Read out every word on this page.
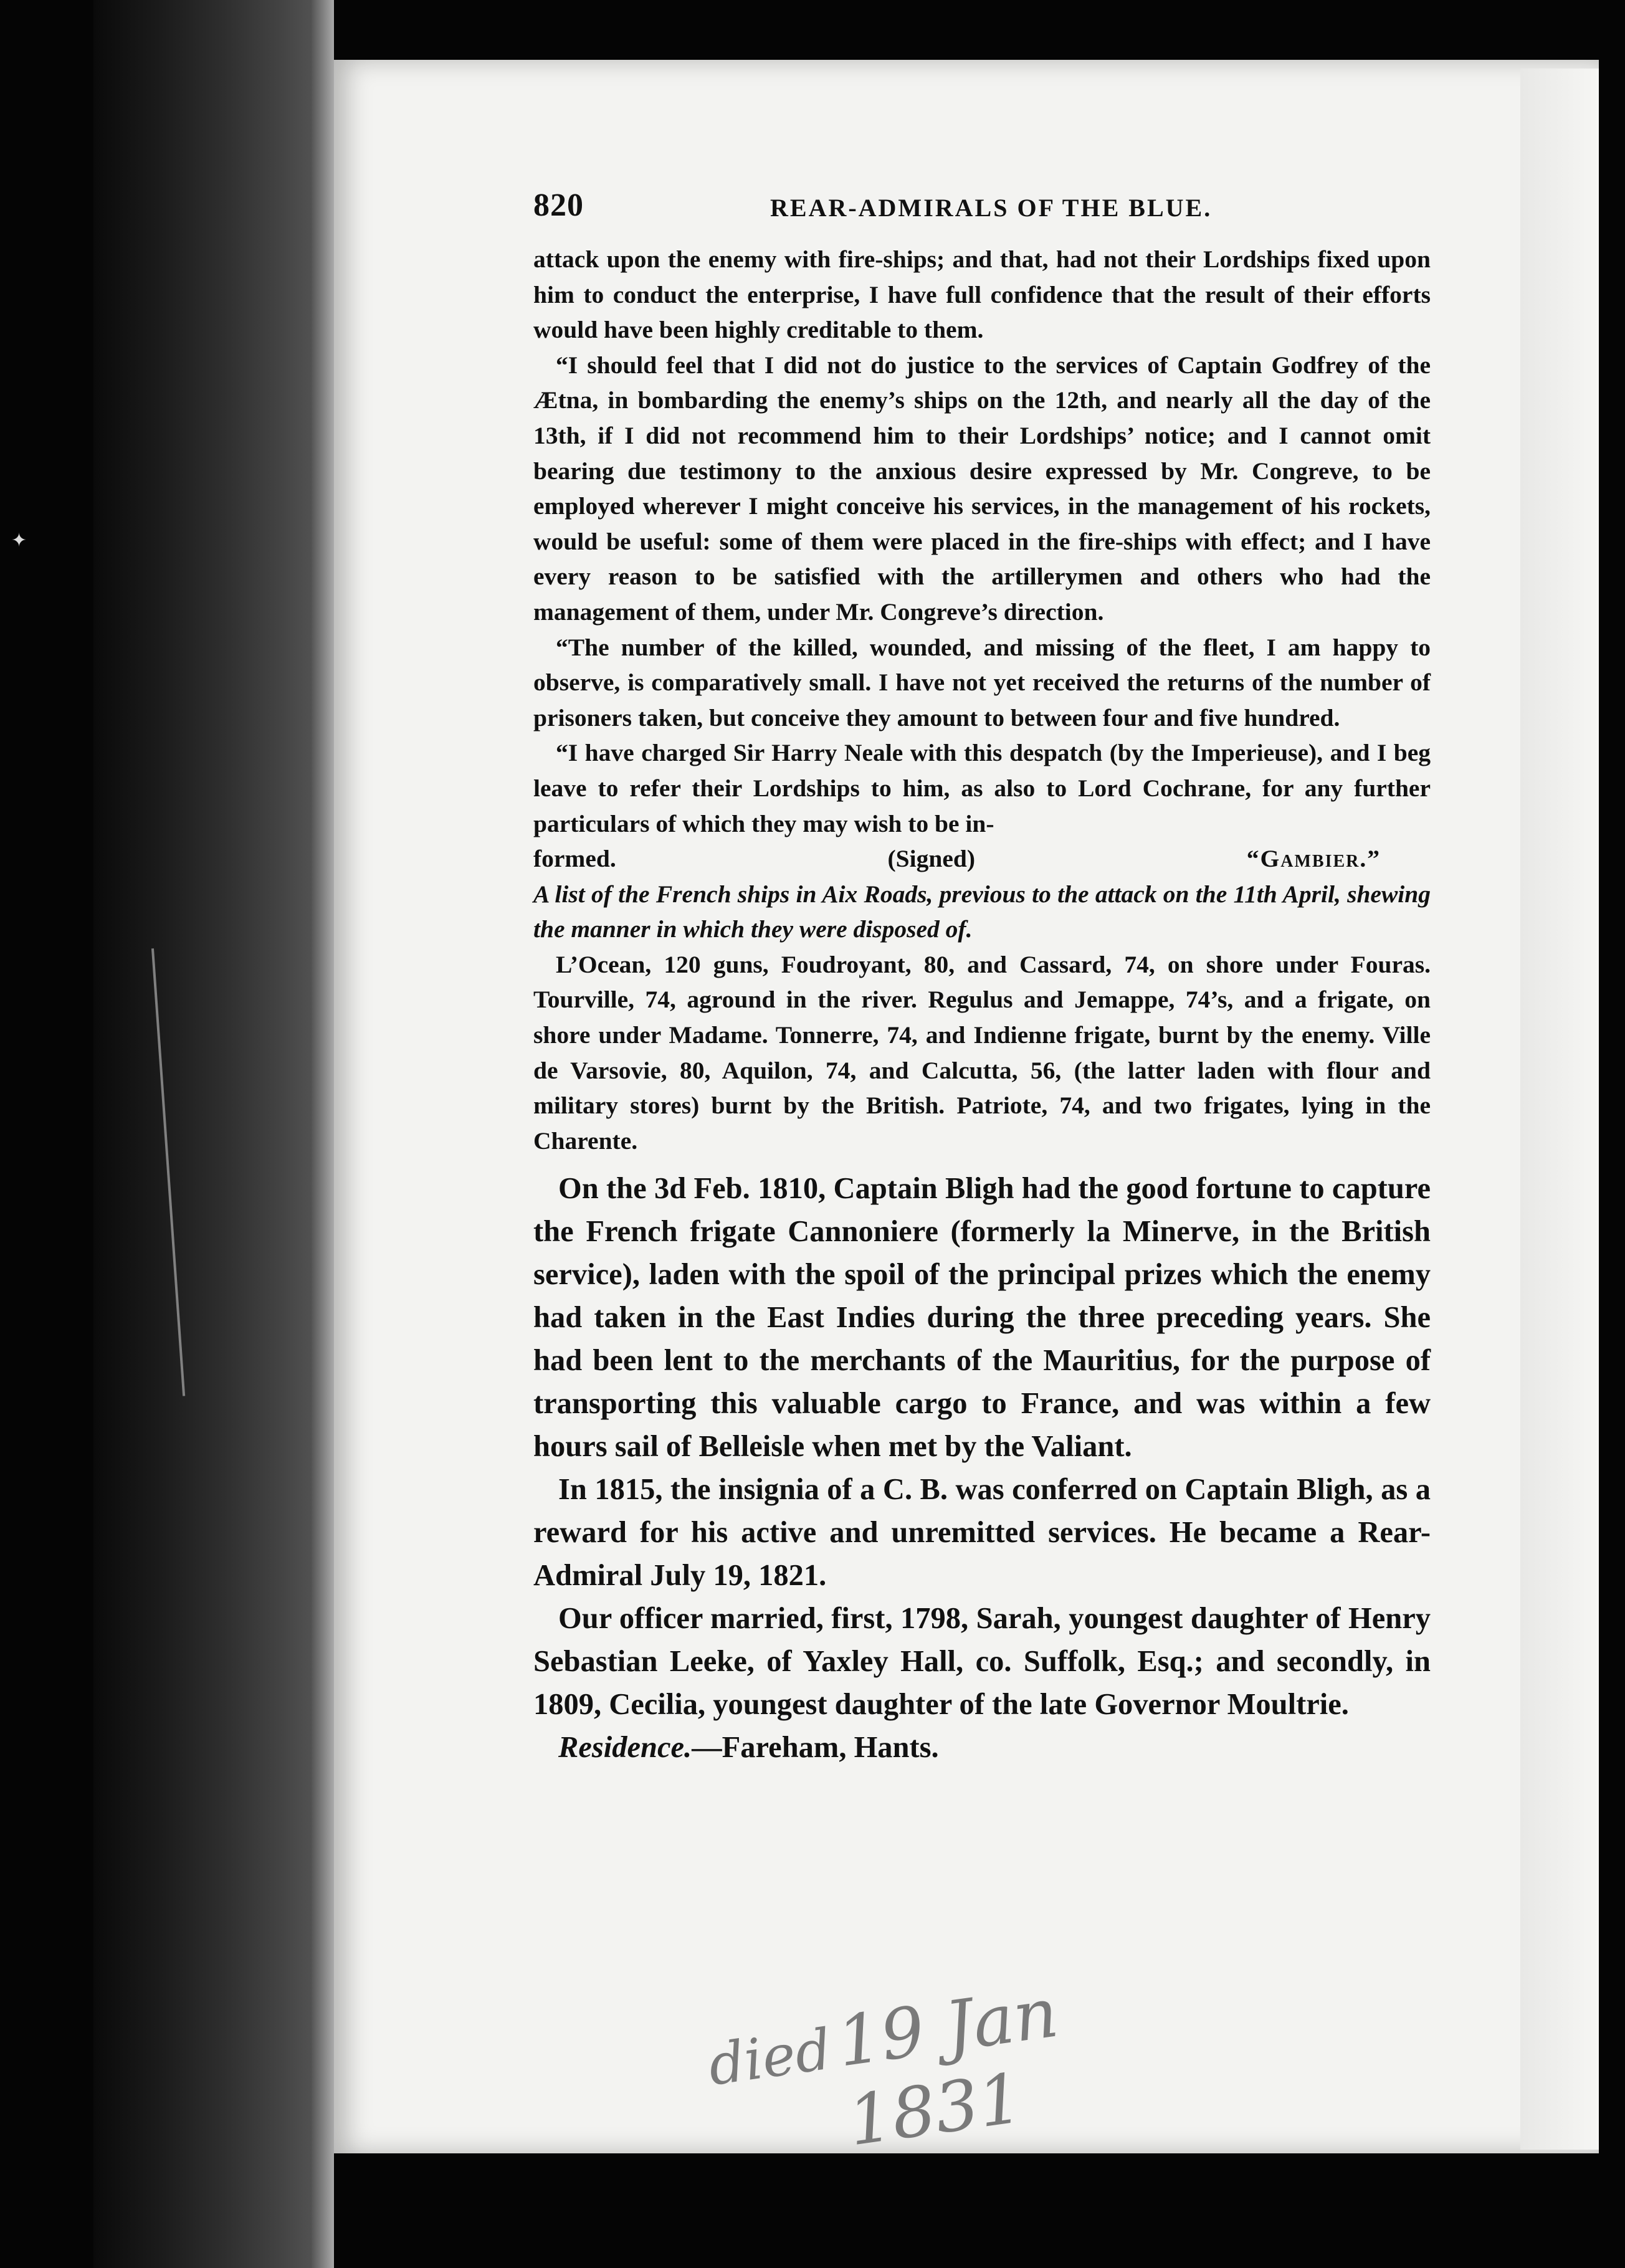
✦
820	REAR-ADMIRALS OF THE BLUE.

attack upon the enemy with fire-ships; and that, had not their Lordships fixed upon him to conduct the enterprise, I have full confidence that the result of their efforts would have been highly creditable to them.

“I should feel that I did not do justice to the services of Captain Godfrey of the Ætna, in bombarding the enemy’s ships on the 12th, and nearly all the day of the 13th, if I did not recommend him to their Lordships’ notice; and I cannot omit bearing due testimony to the anxious desire expressed by Mr. Congreve, to be employed wherever I might conceive his services, in the management of his rockets, would be useful: some of them were placed in the fire-ships with effect; and I have every reason to be satisfied with the artillerymen and others who had the management of them, under Mr. Congreve’s direction.

“The number of the killed, wounded, and missing of the fleet, I am happy to observe, is comparatively small. I have not yet received the returns of the number of prisoners taken, but conceive they amount to between four and five hundred.

“I have charged Sir Harry Neale with this despatch (by the Imperieuse), and I beg leave to refer their Lordships to him, as also to Lord Cochrane, for any further particulars of which they may wish to be in-

formed.	(Signed)	“Gambier.”

A list of the French ships in Aix Roads, previous to the attack on the 11th April, shewing the manner in which they were disposed of.

L’Ocean, 120 guns, Foudroyant, 80, and Cassard, 74, on shore under Fouras. Tourville, 74, aground in the river. Regulus and Jemappe, 74’s, and a frigate, on shore under Madame. Tonnerre, 74, and Indienne frigate, burnt by the enemy. Ville de Varsovie, 80, Aquilon, 74, and Calcutta, 56, (the latter laden with flour and military stores) burnt by the British. Patriote, 74, and two frigates, lying in the Charente.

On the 3d Feb. 1810, Captain Bligh had the good fortune to capture the French frigate Cannoniere (formerly la Minerve, in the British service), laden with the spoil of the principal prizes which the enemy had taken in the East Indies during the three preceding years. She had been lent to the merchants of the Mauritius, for the purpose of transporting this valuable cargo to France, and was within a few hours sail of Belleisle when met by the Valiant.

In 1815, the insignia of a C. B. was conferred on Captain Bligh, as a reward for his active and unremitted services. He became a Rear-Admiral July 19, 1821.

Our officer married, first, 1798, Sarah, youngest daughter of Henry Sebastian Leeke, of Yaxley Hall, co. Suffolk, Esq.; and secondly, in 1809, Cecilia, youngest daughter of the late Governor Moultrie.

Residence.—Fareham, Hants.

died
19 Jan 1831
